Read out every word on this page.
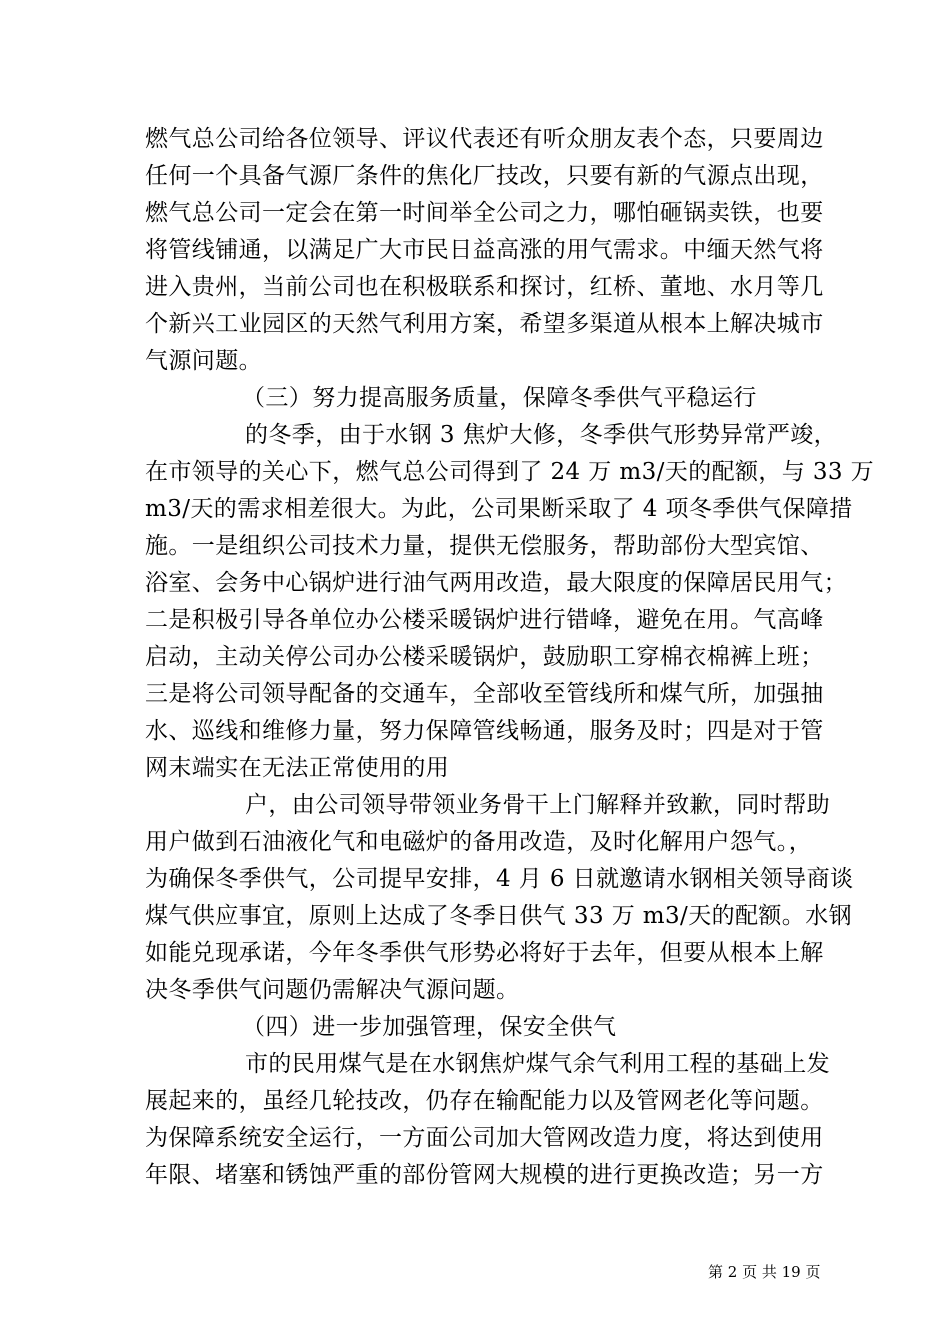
燃气总公司给各位领导、评议代表还有听众朋友表个态，只要周边
任何一个具备气源厂条件的焦化厂技改，只要有新的气源点出现，
燃气总公司一定会在第一时间举全公司之力，哪怕砸锅卖铁，也要
将管线铺通，以满足广大市民日益高涨的用气需求。中缅天然气将
进入贵州，当前公司也在积极联系和探讨，红桥、董地、水月等几
个新兴工业园区的天然气利用方案，希望多渠道从根本上解决城市
气源问题。
（三）努力提高服务质量，保障冬季供气平稳运行
的冬季，由于水钢 3 焦炉大修，冬季供气形势异常严竣，
在市领导的关心下，燃气总公司得到了 24 万 m3/天的配额，与 33 万
m3/天的需求相差很大。为此，公司果断采取了 4 项冬季供气保障措
施。一是组织公司技术力量，提供无偿服务，帮助部份大型宾馆、
浴室、会务中心锅炉进行油气两用改造，最大限度的保障居民用气；
二是积极引导各单位办公楼采暖锅炉进行错峰，避免在用。气高峰
启动，主动关停公司办公楼采暖锅炉，鼓励职工穿棉衣棉裤上班；
三是将公司领导配备的交通车，全部收至管线所和煤气所，加强抽
水、巡线和维修力量，努力保障管线畅通，服务及时；四是对于管
网末端实在无法正常使用的用
户，由公司领导带领业务骨干上门解释并致歉，同时帮助
用户做到石油液化气和电磁炉的备用改造，及时化解用户怨气。，
为确保冬季供气，公司提早安排，4 月 6 日就邀请水钢相关领导商谈
煤气供应事宜，原则上达成了冬季日供气 33 万 m3/天的配额。水钢
如能兑现承诺，今年冬季供气形势必将好于去年，但要从根本上解
决冬季供气问题仍需解决气源问题。
（四）进一步加强管理，保安全供气
市的民用煤气是在水钢焦炉煤气余气利用工程的基础上发
展起来的，虽经几轮技改，仍存在输配能力以及管网老化等问题。
为保障系统安全运行，一方面公司加大管网改造力度，将达到使用
年限、堵塞和锈蚀严重的部份管网大规模的进行更换改造；另一方
第 2 页 共 19 页
